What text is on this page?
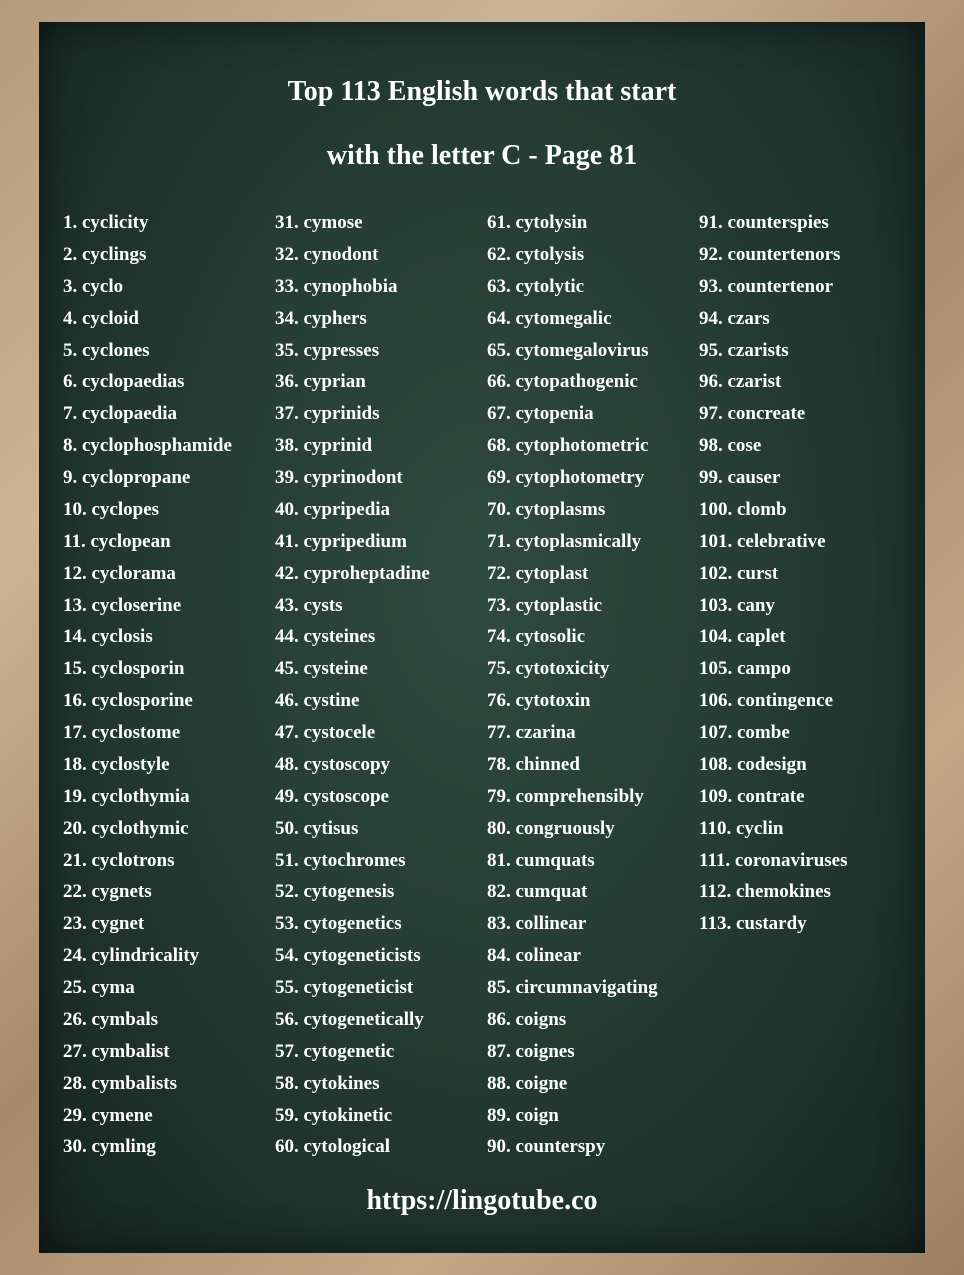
Top 113 English words that start
with the letter C - Page 81
1. cyclicity
2. cyclings
3. cyclo
4. cycloid
5. cyclones
6. cyclopaedias
7. cyclopaedia
8. cyclophosphamide
9. cyclopropane
10. cyclopes
11. cyclopean
12. cyclorama
13. cycloserine
14. cyclosis
15. cyclosporin
16. cyclosporine
17. cyclostome
18. cyclostyle
19. cyclothymia
20. cyclothymic
21. cyclotrons
22. cygnets
23. cygnet
24. cylindricality
25. cyma
26. cymbals
27. cymbalist
28. cymbalists
29. cymene
30. cymling
31. cymose
32. cynodont
33. cynophobia
34. cyphers
35. cypresses
36. cyprian
37. cyprinids
38. cyprinid
39. cyprinodont
40. cypripedia
41. cypripedium
42. cyproheptadine
43. cysts
44. cysteines
45. cysteine
46. cystine
47. cystocele
48. cystoscopy
49. cystoscope
50. cytisus
51. cytochromes
52. cytogenesis
53. cytogenetics
54. cytogeneticists
55. cytogeneticist
56. cytogenetically
57. cytogenetic
58. cytokines
59. cytokinetic
60. cytological
61. cytolysin
62. cytolysis
63. cytolytic
64. cytomegalic
65. cytomegalovirus
66. cytopathogenic
67. cytopenia
68. cytophotometric
69. cytophotometry
70. cytoplasms
71. cytoplasmically
72. cytoplast
73. cytoplastic
74. cytosolic
75. cytotoxicity
76. cytotoxin
77. czarina
78. chinned
79. comprehensibly
80. congruously
81. cumquats
82. cumquat
83. collinear
84. colinear
85. circumnavigating
86. coigns
87. coignes
88. coigne
89. coign
90. counterspy
91. counterspies
92. countertenors
93. countertenor
94. czars
95. czarists
96. czarist
97. concreate
98. cose
99. causer
100. clomb
101. celebrative
102. curst
103. cany
104. caplet
105. campo
106. contingence
107. combe
108. codesign
109. contrate
110. cyclin
111. coronaviruses
112. chemokines
113. custardy
https://lingotube.co
